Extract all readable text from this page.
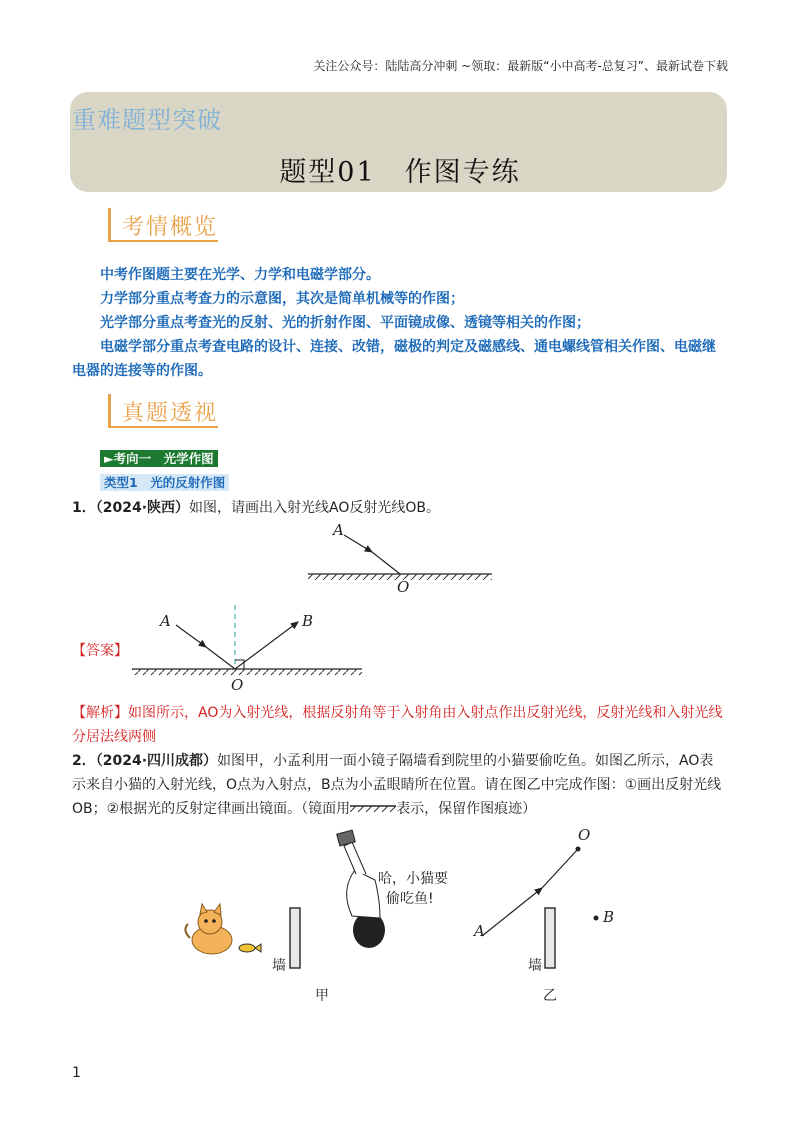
关注公众号：陆陆高分冲刺 ~领取：最新版“小中高考-总复习”、最新试卷下载
重难题型突破
题型01　作图专练
考情概览
中考作图题主要在光学、力学和电磁学部分。
力学部分重点考查力的示意图，其次是简单机械等的作图；
光学部分重点考查光的反射、光的折射作图、平面镜成像、透镜等相关的作图；
电磁学部分重点考查电路的设计、连接、改错，磁极的判定及磁感线、通电螺线管相关作图、电磁继
电器的连接等的作图。
真题透视
►考向一　光学作图
类型1　光的反射作图
1．（2024·陕西）如图，请画出入射光线AO反射光线OB。
A
O
【答案】
A	B
O
【解析】如图所示，AO为入射光线，根据反射角等于入射角由入射点作出反射光线，反射光线和入射光线
分居法线两侧
2．（2024·四川成都）如图甲，小孟利用一面小镜子隔墙看到院里的小猫要偷吃鱼。如图乙所示，AO表
示来自小猫的入射光线，O点为入射点，B点为小孟眼睛所在位置。请在图乙中完成作图：①画出反射光线
OB；②根据光的反射定律画出镜面。（镜面用	表示，保留作图痕迹）
哈，小猫要
偷吃鱼!
墙
甲
O
B
A
墙
乙
1
